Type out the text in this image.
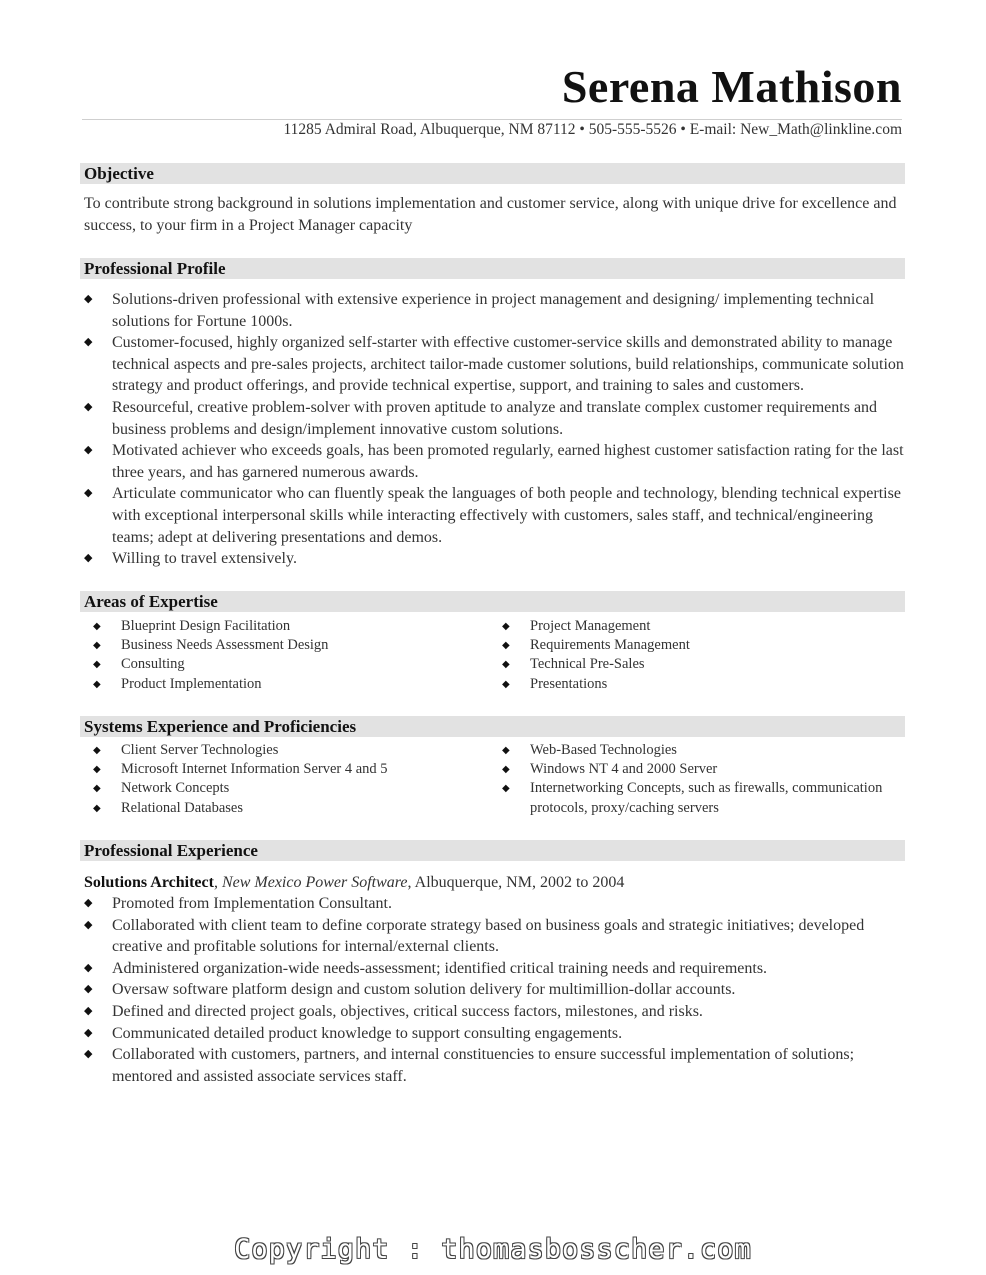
Serena Mathison
11285 Admiral Road, Albuquerque, NM 87112 • 505-555-5526 • E-mail: New_Math@linkline.com
Objective
To contribute strong background in solutions implementation and customer service, along with unique drive for excellence and success, to your firm in a Project Manager capacity
Professional Profile
◆ Solutions-driven professional with extensive experience in project management and designing/ implementing technical solutions for Fortune 1000s.
◆ Customer-focused, highly organized self-starter with effective customer-service skills and demonstrated ability to manage technical aspects and pre-sales projects, architect tailor-made customer solutions, build relationships, communicate solution strategy and product offerings, and provide technical expertise, support, and training to sales and customers.
◆ Resourceful, creative problem-solver with proven aptitude to analyze and translate complex customer requirements and business problems and design/implement innovative custom solutions.
◆ Motivated achiever who exceeds goals, has been promoted regularly, earned highest customer satisfaction rating for the last three years, and has garnered numerous awards.
◆ Articulate communicator who can fluently speak the languages of both people and technology, blending technical expertise with exceptional interpersonal skills while interacting effectively with customers, sales staff, and technical/engineering teams; adept at delivering presentations and demos.
◆ Willing to travel extensively.
Areas of Expertise
◆ Blueprint Design Facilitation
◆ Business Needs Assessment Design
◆ Consulting
◆ Product Implementation
◆ Project Management
◆ Requirements Management
◆ Technical Pre-Sales
◆ Presentations
Systems Experience and Proficiencies
◆ Client Server Technologies
◆ Microsoft Internet Information Server 4 and 5
◆ Network Concepts
◆ Relational Databases
◆ Web-Based Technologies
◆ Windows NT 4 and 2000 Server
◆ Internetworking Concepts, such as firewalls, communication protocols, proxy/caching servers
Professional Experience
Solutions Architect, New Mexico Power Software, Albuquerque, NM, 2002 to 2004
◆ Promoted from Implementation Consultant.
◆ Collaborated with client team to define corporate strategy based on business goals and strategic initiatives; developed creative and profitable solutions for internal/external clients.
◆ Administered organization-wide needs-assessment; identified critical training needs and requirements.
◆ Oversaw software platform design and custom solution delivery for multimillion-dollar accounts.
◆ Defined and directed project goals, objectives, critical success factors, milestones, and risks.
◆ Communicated detailed product knowledge to support consulting engagements.
◆ Collaborated with customers, partners, and internal constituencies to ensure successful implementation of solutions; mentored and assisted associate services staff.
Copyright : thomasbosscher.com
